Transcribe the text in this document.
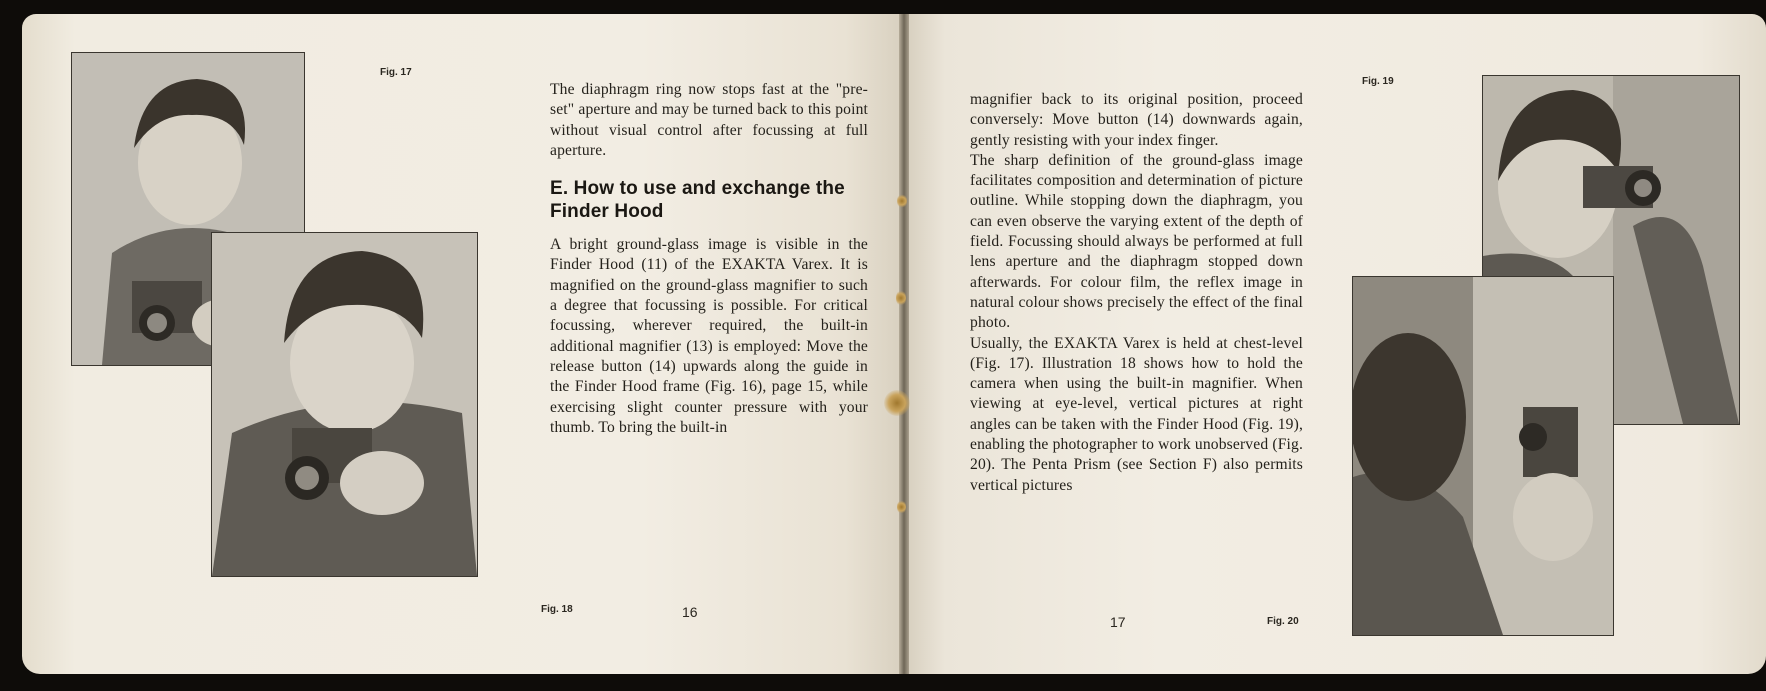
Fig. 17
Fig. 18	16

The diaphragm ring now stops fast at the "pre-set" aperture and may be turned back to this point without visual control after focussing at full aperture.

E. How to use and exchange the Finder Hood

A bright ground-glass image is visible in the Finder Hood (11) of the EXAKTA Varex. It is magnified on the ground-glass magnifier to such a degree that focussing is possible. For critical focussing, wherever required, the built-in additional magnifier (13) is employed: Move the release button (14) upwards along the guide in the Finder Hood frame (Fig. 16), page 15, while exercising slight counter pressure with your thumb. To bring the built-in

magnifier back to its original position, proceed conversely: Move button (14) downwards again, gently resisting with your index finger.

The sharp definition of the ground-glass image facilitates composition and determination of picture outline. While stopping down the diaphragm, you can even observe the varying extent of the depth of field. Focussing should always be performed at full lens aperture and the diaphragm stopped down afterwards. For colour film, the reflex image in natural colour shows precisely the effect of the final photo.

Usually, the EXAKTA Varex is held at chest-level (Fig. 17). Illustration 18 shows how to hold the camera when using the built-in magnifier. When viewing at eye-level, vertical pictures at right angles can be taken with the Finder Hood (Fig. 19), enabling the photographer to work unobserved (Fig. 20). The Penta Prism (see Section F) also permits vertical pictures

Fig. 19
17	Fig. 20
